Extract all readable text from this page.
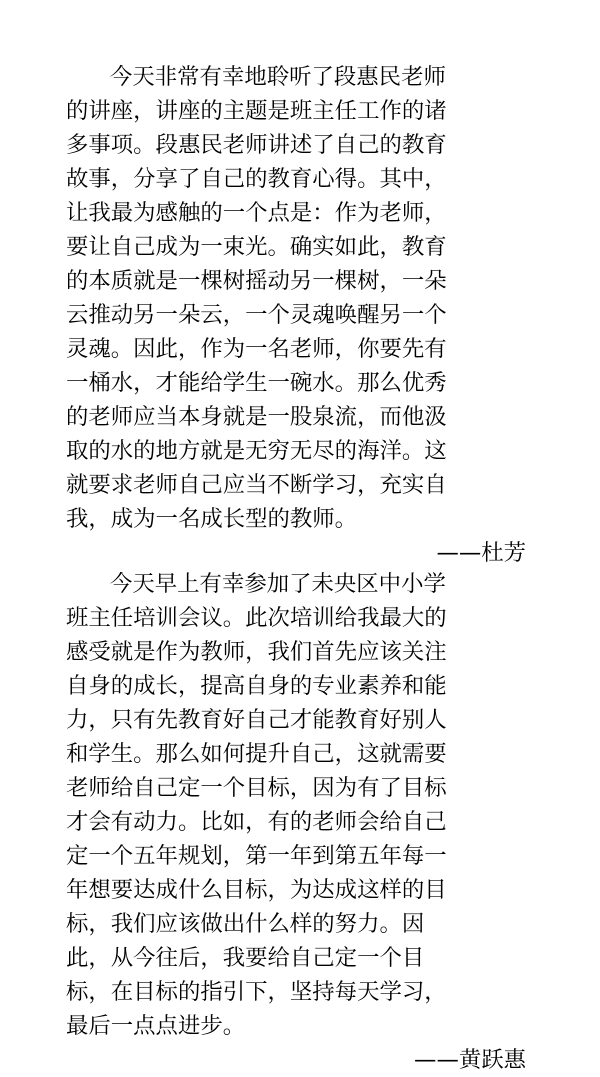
今天非常有幸地聆听了段惠民老师
的讲座，讲座的主题是班主任工作的诸
多事项。段惠民老师讲述了自己的教育
故事，分享了自己的教育心得。其中，
让我最为感触的一个点是：作为老师，
要让自己成为一束光。确实如此，教育
的本质就是一棵树摇动另一棵树，一朵
云推动另一朵云，一个灵魂唤醒另一个
灵魂。因此，作为一名老师，你要先有
一桶水，才能给学生一碗水。那么优秀
的老师应当本身就是一股泉流，而他汲
取的水的地方就是无穷无尽的海洋。这
就要求老师自己应当不断学习，充实自
我，成为一名成长型的教师。
——杜芳
今天早上有幸参加了未央区中小学
班主任培训会议。此次培训给我最大的
感受就是作为教师，我们首先应该关注
自身的成长，提高自身的专业素养和能
力，只有先教育好自己才能教育好别人
和学生。那么如何提升自己，这就需要
老师给自己定一个目标，因为有了目标
才会有动力。比如，有的老师会给自己
定一个五年规划，第一年到第五年每一
年想要达成什么目标，为达成这样的目
标，我们应该做出什么样的努力。因
此，从今往后，我要给自己定一个目
标，在目标的指引下，坚持每天学习，
最后一点点进步。
——黄跃惠
